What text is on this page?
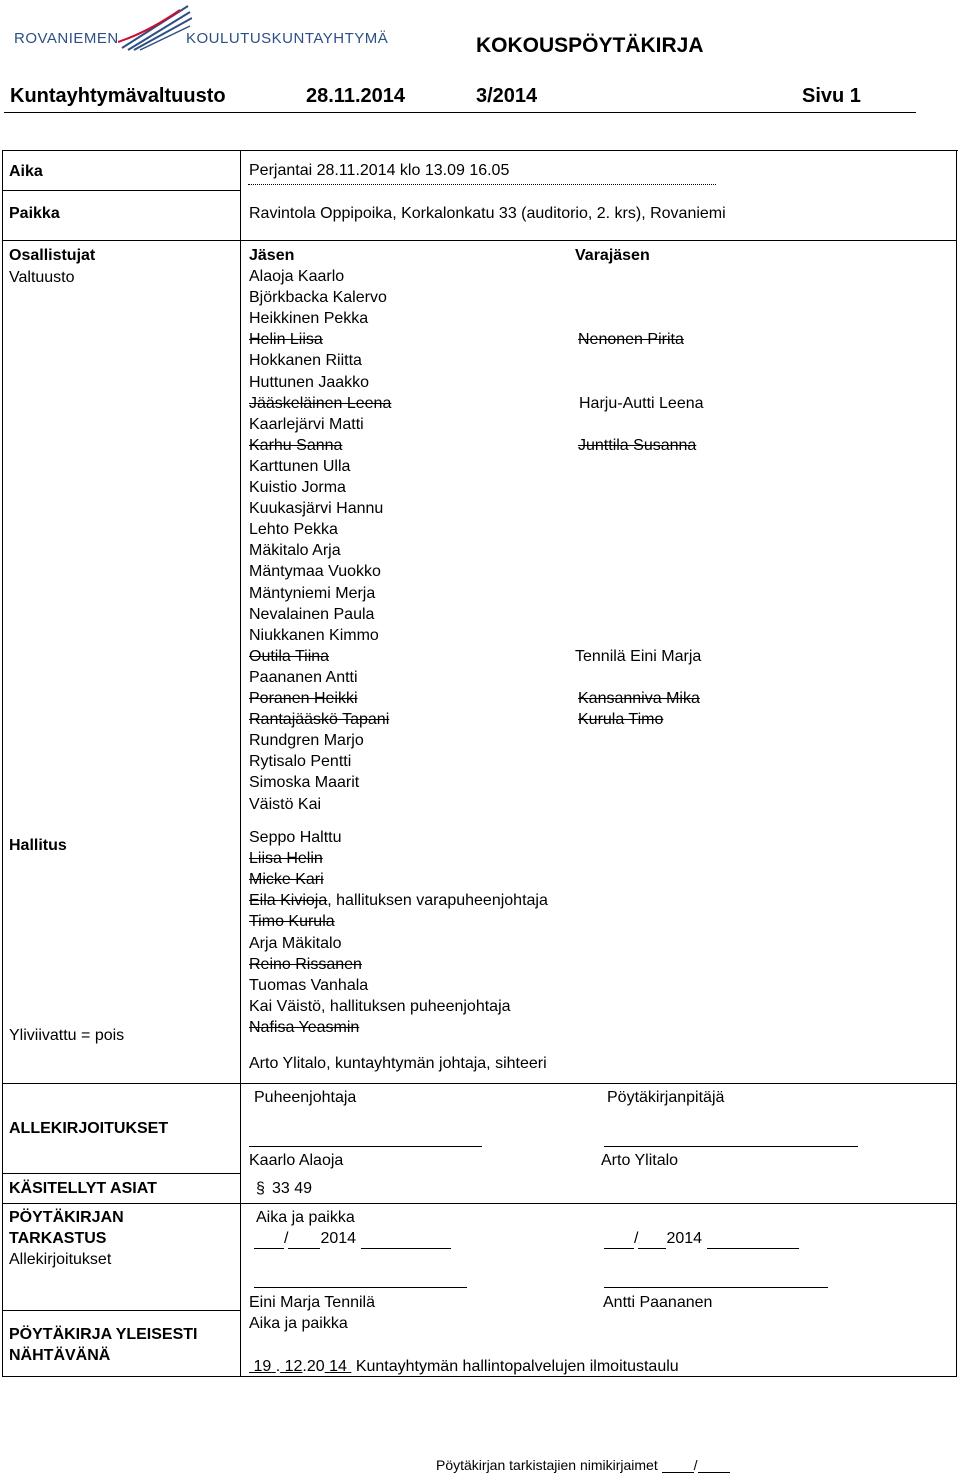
ROVANIEMEN	KOULUTUSKUNTAYHTYMÄ	KOKOUSPÖYTÄKIRJA
Kuntayhtymävaltuusto	28.11.2014	3/2014	Sivu 1
Aika	Perjantai 28.11.2014 klo 13.09 16.05
Paikka	Ravintola Oppipoika, Korkalonkatu 33 (auditorio, 2. krs), Rovaniemi
Osallistujat
Valtuusto
Jäsen	Varajäsen
Alaoja Kaarlo
Björkbacka Kalervo
Heikkinen Pekka
Helin Liisa	Nenonen Pirita
Hokkanen Riitta
Huttunen Jaakko
Jääskeläinen Leena	Harju-Autti Leena
Kaarlejärvi Matti
Karhu Sanna	Junttila Susanna
Karttunen Ulla
Kuistio Jorma
Kuukasjärvi Hannu
Lehto Pekka
Mäkitalo Arja
Mäntymaa Vuokko
Mäntyniemi Merja
Nevalainen Paula
Niukkanen Kimmo
Outila Tiina	Tennilä Eini Marja
Paananen Antti
Poranen Heikki	Kansanniva Mika
Rantajääskö Tapani	Kurula Timo
Rundgren Marjo
Rytisalo Pentti
Simoska Maarit
Väistö Kai
Hallitus
Yliviivattu = pois
Seppo Halttu
Liisa Helin
Micke Kari
Eila Kivioja, hallituksen varapuheenjohtaja
Timo Kurula
Arja Mäkitalo
Reino Rissanen
Tuomas Vanhala
Kai Väistö, hallituksen puheenjohtaja
Nafisa Yeasmin
Arto Ylitalo, kuntayhtymän johtaja, sihteeri
ALLEKIRJOITUKSET
Puheenjohtaja	Pöytäkirjanpitäjä
Kaarlo Alaoja	Arto Ylitalo
KÄSITELLYT ASIAT	§ 33 49
PÖYTÄKIRJAN
TARKASTUS
Allekirjoitukset
Aika ja paikka
/ 2014	/ 2014
Eini Marja Tennilä	Antti Paananen
PÖYTÄKIRJA YLEISESTI
NÄHTÄVÄNÄ
Aika ja paikka
19 . 12.20 14 Kuntayhtymän hallintopalvelujen ilmoitustaulu
Pöytäkirjan tarkistajien nimikirjaimet	/
